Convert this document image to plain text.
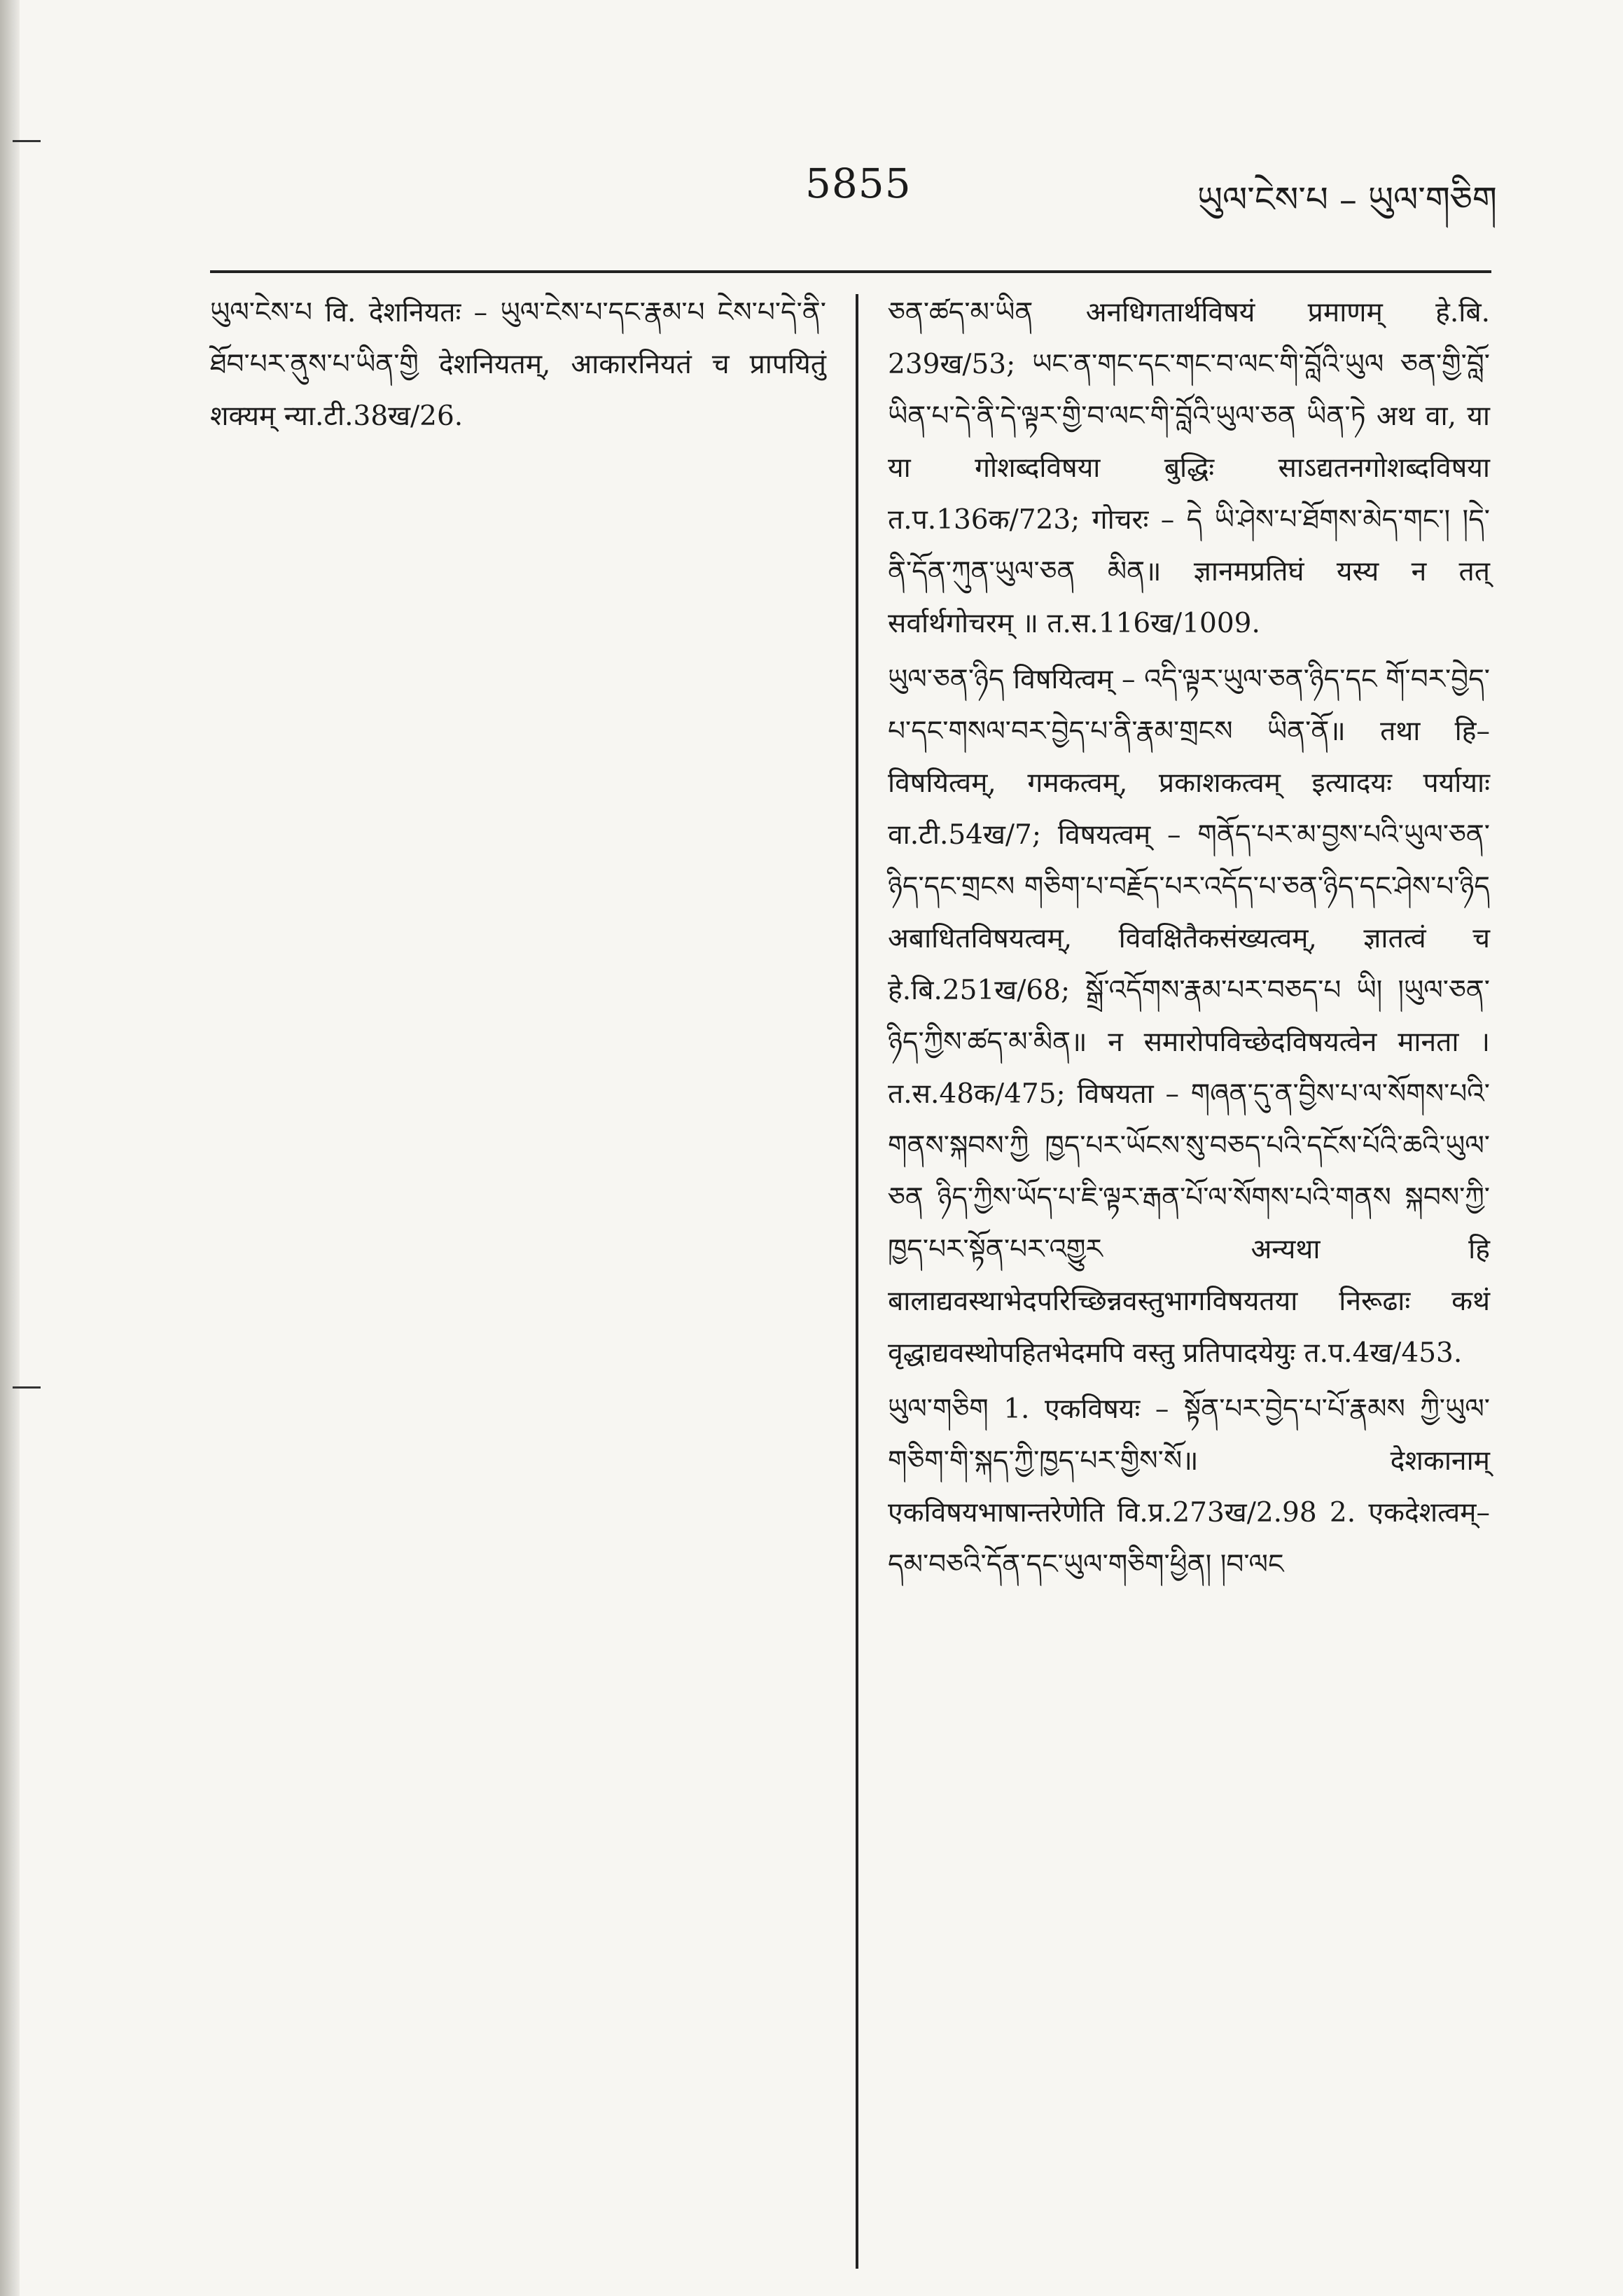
5855	ཡུལ་ངེས་པ – ཡུལ་གཅིག

ཡུལ་ངེས་པ वि. देशनियतः – ཡུལ་ངེས་པ་དང་རྣམ་པ ངེས་པ་དེ་ནི་ཐོབ་པར་ནུས་པ་ཡིན་གྱི देशनियतम्, आकारनियतं च प्रापयितुं शक्यम् न्या.टी.38ख/26.

ཅན་ཚད་མ་ཡིན अनधिगतार्थविषयं प्रमाणम् हे.बि. 239ख/53; ཡང་ན་གང་དང་གང་བ་ལང་གི་བློའི་ཡུལ ཅན་གྱི་བློ་ཡིན་པ་དེ་ནི་དེ་ལྟར་གྱི་བ་ལང་གི་བློའི་ཡུལ་ཅན ཡིན་ཏེ अथ वा, या या गोशब्दविषया बुद्धिः साऽद्यतनगोशब्दविषया त.प.136क/723; गोचरः – དེ ཡི་ཤེས་པ་ཐོགས་མེད་གང་། །དེ་ནི་དོན་ཀུན་ཡུལ་ཅན མིན॥ ज्ञानमप्रतिघं यस्य न तत् सर्वार्थगोचरम् ॥ त.स.116ख/1009.

ཡུལ་ཅན་ཉིད विषयित्वम् – འདི་ལྟར་ཡུལ་ཅན་ཉིད་དང གོ་བར་བྱེད་པ་དང་གསལ་བར་བྱེད་པ་ནི་རྣམ་གྲངས ཡིན་ནོ॥ तथा हि–विषयित्वम्, गमकत्वम्, प्रकाशकत्वम् इत्यादयः पर्यायाः वा.टी.54ख/7; विषयत्वम् – གནོད་པར་མ་བྱས་པའི་ཡུལ་ཅན་ཉིད་དང་གྲངས གཅིག་པ་བརྗོད་པར་འདོད་པ་ཅན་ཉིད་དང་ཤེས་པ་ཉིད अबाधितविषयत्वम्, विवक्षितैकसंख्यत्वम्, ज्ञातत्वं च हे.बि.251ख/68; སྒྲོ་འདོགས་རྣམ་པར་བཅད་པ ཡི། །ཡུལ་ཅན་ཉིད་ཀྱིས་ཚད་མ་མིན॥ न समारोपविच्छेदविषयत्वेन मानता । त.स.48क/475; विषयता – གཞན་དུ་ན་བྱིས་པ་ལ་སོགས་པའི་གནས་སྐབས་ཀྱི ཁྱད་པར་ཡོངས་སུ་བཅད་པའི་དངོས་པོའི་ཆའི་ཡུལ་ཅན ཉིད་ཀྱིས་ཡོད་པ་ཇི་ལྟར་རྒན་པོ་ལ་སོགས་པའི་གནས སྐབས་ཀྱི་ཁྱད་པར་སྟོན་པར་འགྱུར अन्यथा हि बालाद्यवस्थाभेदपरिच्छिन्नवस्तुभागविषयतया निरूढाः कथं वृद्धाद्यवस्थोपहितभेदमपि वस्तु प्रतिपादयेयुः त.प.4ख/453.

ཡུལ་གཅིག 1. एकविषयः – སྟོན་པར་བྱེད་པ་པོ་རྣམས ཀྱི་ཡུལ་གཅིག་གི་སྐད་ཀྱི་ཁྱད་པར་གྱིས་སོ॥ देशकानाम् एकविषयभाषान्तरेणेति वि.प्र.273ख/2.98 2. एकदेशत्वम्–དམ་བཅའི་དོན་དང་ཡུལ་གཅིག་ཕྱིན། །བ་ལང
